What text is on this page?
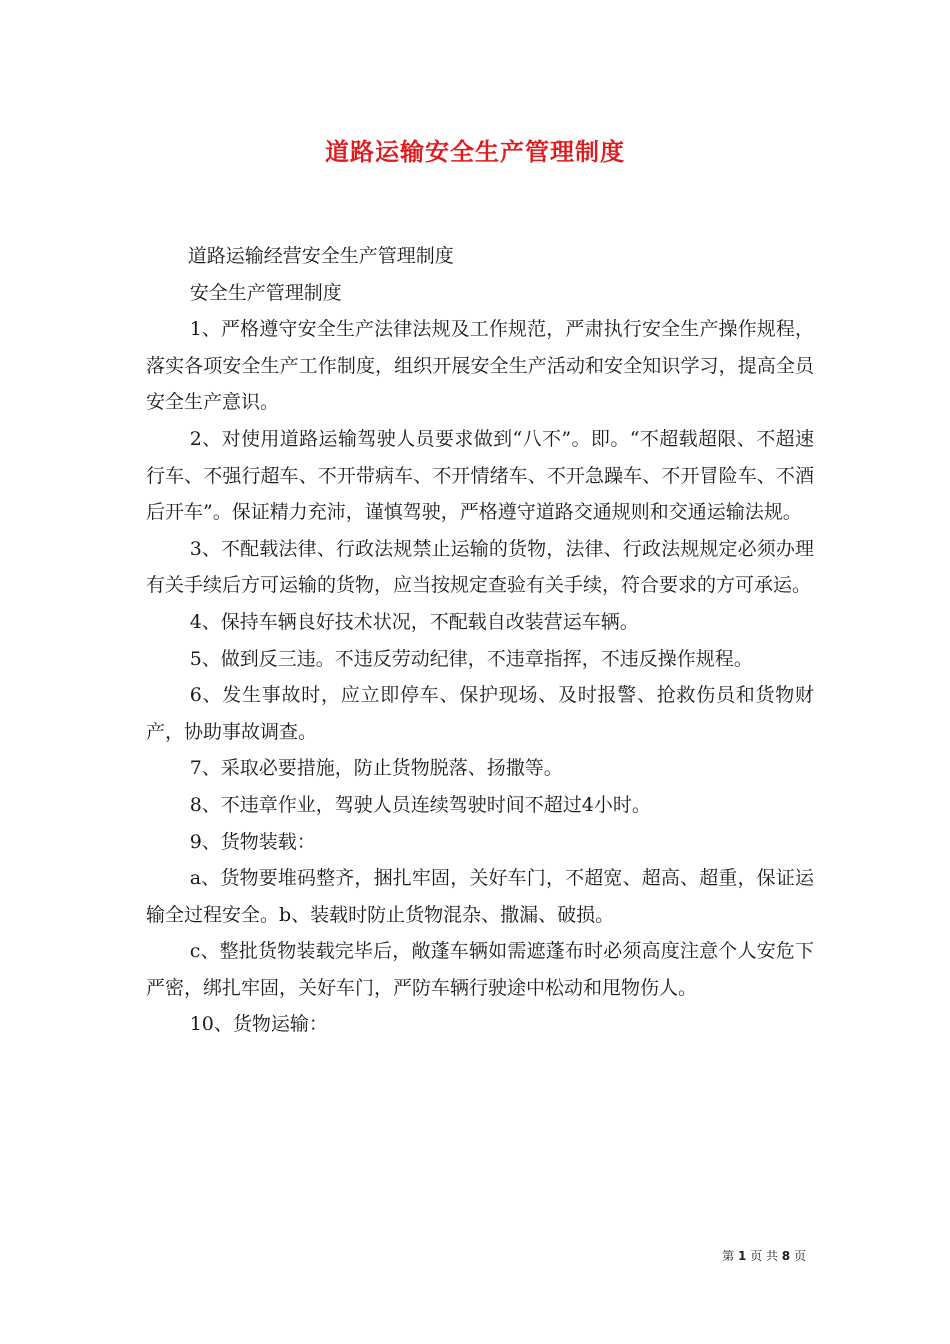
道路运输安全生产管理制度

道路运输经营安全生产管理制度

安全生产管理制度

1、严格遵守安全生产法律法规及工作规范，严肃执行安全生产操作规程，落实各项安全生产工作制度，组织开展安全生产活动和安全知识学习，提高全员安全生产意识。

2、对使用道路运输驾驶人员要求做到“八不”。即。“不超载超限、不超速行车、不强行超车、不开带病车、不开情绪车、不开急躁车、不开冒险车、不酒后开车”。保证精力充沛，谨慎驾驶，严格遵守道路交通规则和交通运输法规。

3、不配载法律、行政法规禁止运输的货物，法律、行政法规规定必须办理有关手续后方可运输的货物，应当按规定查验有关手续，符合要求的方可承运。

4、保持车辆良好技术状况，不配载自改装营运车辆。

5、做到反三违。不违反劳动纪律，不违章指挥，不违反操作规程。

6、发生事故时，应立即停车、保护现场、及时报警、抢救伤员和货物财产，协助事故调查。

7、采取必要措施，防止货物脱落、扬撒等。

8、不违章作业，驾驶人员连续驾驶时间不超过4小时。

9、货物装载：

a、货物要堆码整齐，捆扎牢固，关好车门，不超宽、超高、超重，保证运输全过程安全。b、装载时防止货物混杂、撒漏、破损。

c、整批货物装载完毕后，敞蓬车辆如需遮蓬布时必须高度注意个人安危下严密，绑扎牢固，关好车门，严防车辆行驶途中松动和甩物伤人。

10、货物运输：

第 1 页 共 8 页
